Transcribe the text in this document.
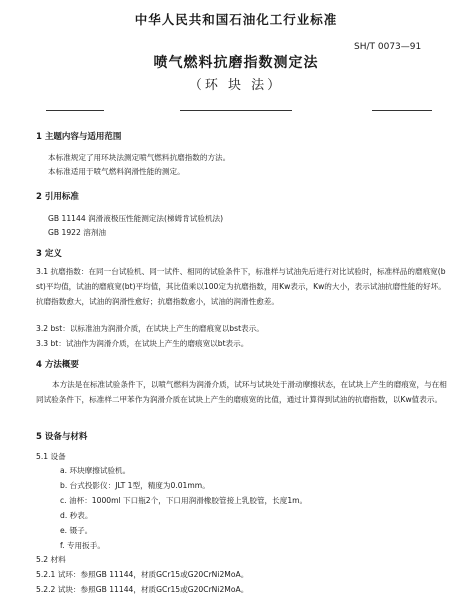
中华人民共和国石油化工行业标准
SH/T 0073—91
喷气燃料抗磨指数测定法
（环 块 法）
1 主题内容与适用范围
本标准规定了用环块法测定喷气燃料抗磨指数的方法。
本标准适用于喷气燃料润滑性能的测定。
2 引用标准
GB 11144 润滑液极压性能测定法(梯姆肯试验机法)
GB 1922 溶剂油
3 定义
3.1 抗磨指数：在同一台试验机、同一试件、相同的试验条件下，标准样与试油先后进行对比试验时，标准样品的磨痕宽(bst)平均值，试油的磨痕宽(bt)平均值，其比值乘以100定为抗磨指数，用Kw表示，Kw的大小，表示试油抗磨性能的好坏。抗磨指数愈大，试油的润滑性愈好；抗磨指数愈小，试油的润滑性愈差。
3.2 bst：以标准油为润滑介质，在试块上产生的磨痕宽以bst表示。
3.3 bt：试油作为润滑介质，在试块上产生的磨痕宽以bt表示。
4 方法概要
本方法是在标准试验条件下，以喷气燃料为润滑介质，试环与试块处于滑动摩擦状态，在试块上产生的磨痕宽，与在相同试验条件下，标准样二甲苯作为润滑介质在试块上产生的磨痕宽的比值，通过计算得到试油的抗磨指数，以Kw值表示。
5 设备与材料
5.1 设备
a. 环块摩擦试验机。
b. 台式投影仪：JLT 1型，精度为0.01mm。
c. 油杯：1000ml 下口瓶2个，下口用润滑橡胶管接上乳胶管，长度1m。
d. 秒表。
e. 镊子。
f. 专用扳手。
5.2 材料
5.2.1 试环：参照GB 11144，材质GCr15或G20CrNi2MoA。
5.2.2 试块：参照GB 11144，材质GCr15或G20CrNi2MoA。
